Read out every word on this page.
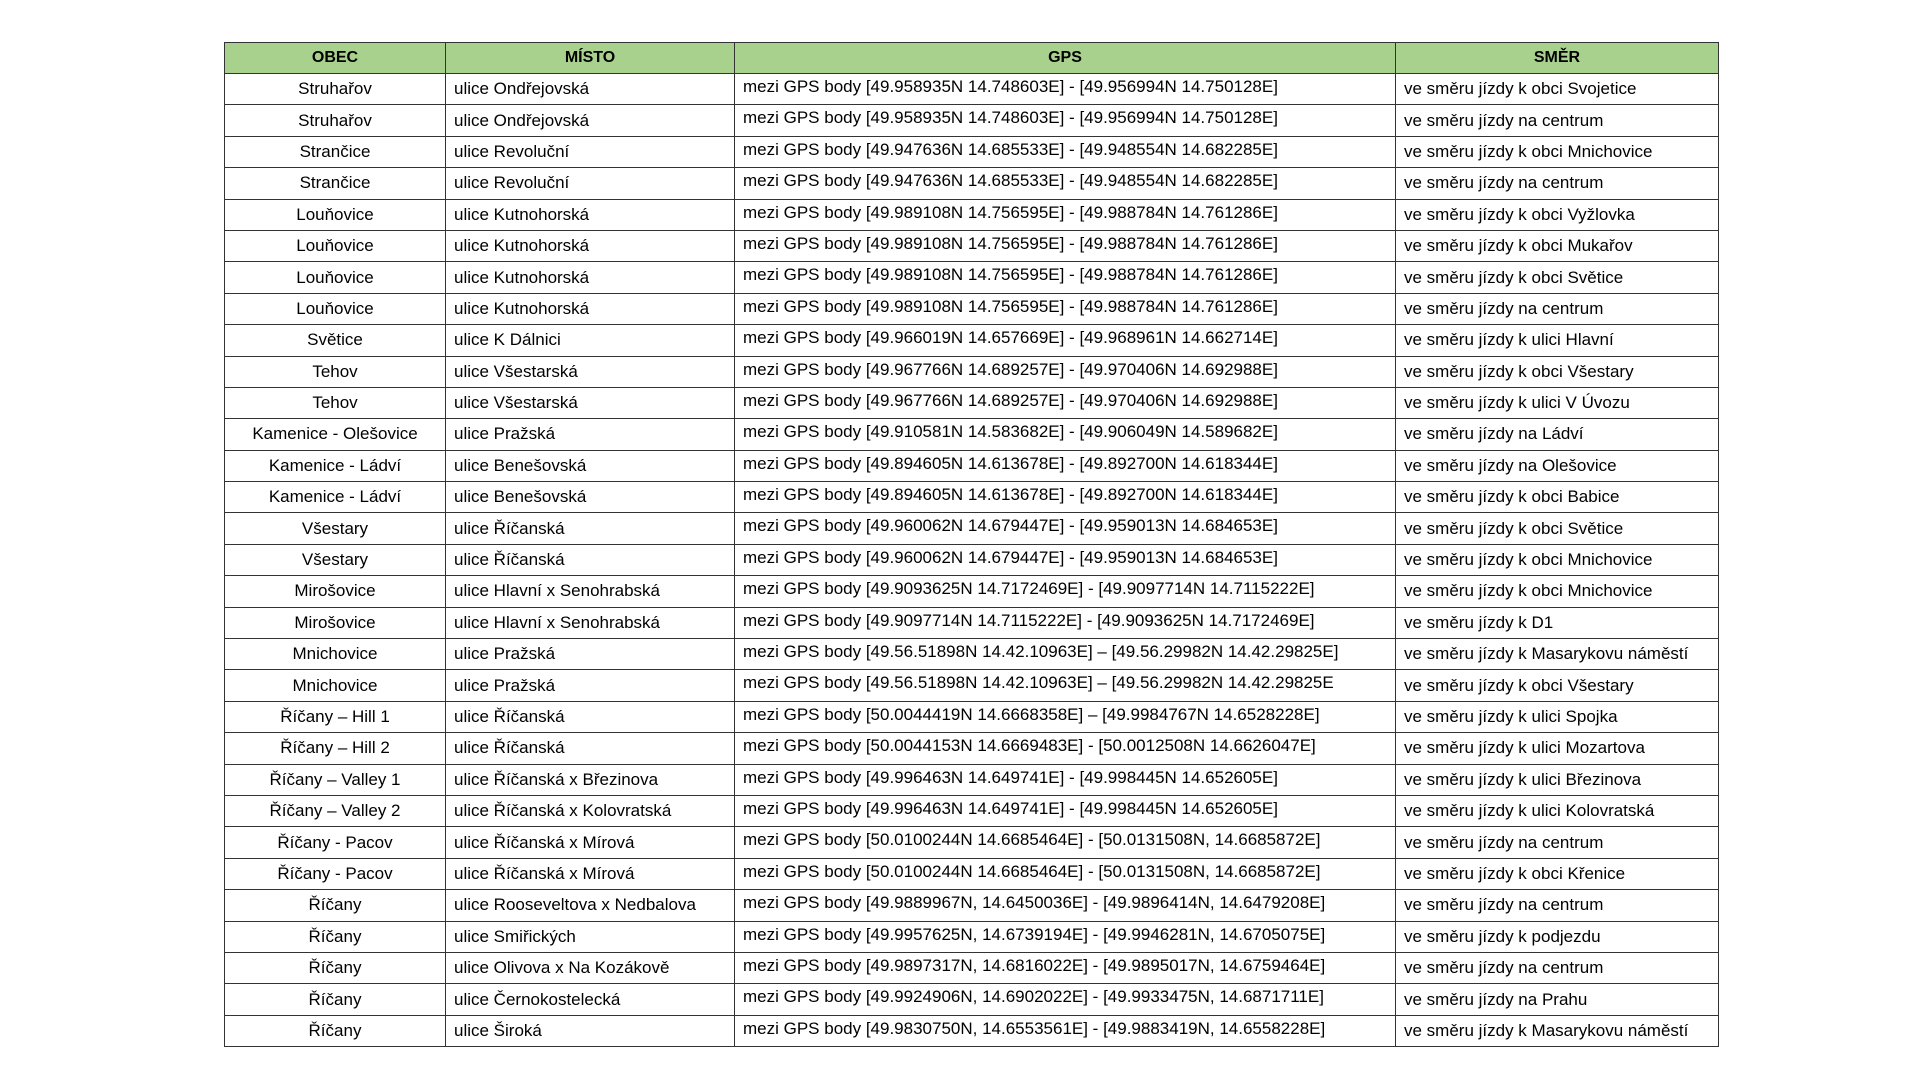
OBEC	MÍSTO	GPS	SMĚR
Struhařov	ulice Ondřejovská	mezi GPS body [49.958935N 14.748603E] - [49.956994N 14.750128E]	ve směru jízdy k obci Svojetice
Struhařov	ulice Ondřejovská	mezi GPS body [49.958935N 14.748603E] - [49.956994N 14.750128E]	ve směru jízdy na centrum
Strančice	ulice Revoluční	mezi GPS body [49.947636N 14.685533E] - [49.948554N 14.682285E]	ve směru jízdy k obci Mnichovice
Strančice	ulice Revoluční	mezi GPS body [49.947636N 14.685533E] - [49.948554N 14.682285E]	ve směru jízdy na centrum
Louňovice	ulice Kutnohorská	mezi GPS body [49.989108N 14.756595E] - [49.988784N 14.761286E]	ve směru jízdy k obci Vyžlovka
Louňovice	ulice Kutnohorská	mezi GPS body [49.989108N 14.756595E] - [49.988784N 14.761286E]	ve směru jízdy k obci Mukařov
Louňovice	ulice Kutnohorská	mezi GPS body [49.989108N 14.756595E] - [49.988784N 14.761286E]	ve směru jízdy k obci Světice
Louňovice	ulice Kutnohorská	mezi GPS body [49.989108N 14.756595E] - [49.988784N 14.761286E]	ve směru jízdy na centrum
Světice	ulice K Dálnici	mezi GPS body [49.966019N 14.657669E] - [49.968961N 14.662714E]	ve směru jízdy k ulici Hlavní
Tehov	ulice Všestarská	mezi GPS body [49.967766N 14.689257E] - [49.970406N 14.692988E]	ve směru jízdy k obci Všestary
Tehov	ulice Všestarská	mezi GPS body [49.967766N 14.689257E] - [49.970406N 14.692988E]	ve směru jízdy k ulici V Úvozu
Kamenice - Olešovice	ulice Pražská	mezi GPS body [49.910581N 14.583682E] - [49.906049N 14.589682E]	ve směru jízdy na Ládví
Kamenice - Ládví	ulice Benešovská	mezi GPS body [49.894605N 14.613678E] - [49.892700N 14.618344E]	ve směru jízdy na Olešovice
Kamenice - Ládví	ulice Benešovská	mezi GPS body [49.894605N 14.613678E] - [49.892700N 14.618344E]	ve směru jízdy k obci Babice
Všestary	ulice Říčanská	mezi GPS body [49.960062N 14.679447E] - [49.959013N 14.684653E]	ve směru jízdy k obci Světice
Všestary	ulice Říčanská	mezi GPS body [49.960062N 14.679447E] - [49.959013N 14.684653E]	ve směru jízdy k obci Mnichovice
Mirošovice	ulice Hlavní x Senohrabská	mezi GPS body [49.9093625N 14.7172469E] - [49.9097714N 14.7115222E]	ve směru jízdy k obci Mnichovice
Mirošovice	ulice Hlavní x Senohrabská	mezi GPS body [49.9097714N 14.7115222E] - [49.9093625N 14.7172469E]	ve směru jízdy k D1
Mnichovice	ulice Pražská	mezi GPS body [49.56.51898N 14.42.10963E] – [49.56.29982N 14.42.29825E]	ve směru jízdy k Masarykovu náměstí
Mnichovice	ulice Pražská	mezi GPS body [49.56.51898N 14.42.10963E] – [49.56.29982N 14.42.29825E	ve směru jízdy k obci Všestary
Říčany – Hill 1	ulice Říčanská	mezi GPS body [50.0044419N 14.6668358E] – [49.9984767N 14.6528228E]	ve směru jízdy k ulici Spojka
Říčany – Hill 2	ulice Říčanská	mezi GPS body [50.0044153N 14.6669483E] - [50.0012508N 14.6626047E]	ve směru jízdy k ulici Mozartova
Říčany – Valley 1	ulice Říčanská x Březinova	mezi GPS body [49.996463N 14.649741E] - [49.998445N 14.652605E]	ve směru jízdy k ulici Březinova
Říčany – Valley 2	ulice Říčanská x Kolovratská	mezi GPS body [49.996463N 14.649741E] - [49.998445N 14.652605E]	ve směru jízdy k ulici Kolovratská
Říčany - Pacov	ulice Říčanská x Mírová	mezi GPS body [50.0100244N 14.6685464E] - [50.0131508N, 14.6685872E]	ve směru jízdy na centrum
Říčany - Pacov	ulice Říčanská x Mírová	mezi GPS body [50.0100244N 14.6685464E] - [50.0131508N, 14.6685872E]	ve směru jízdy k obci Křenice
Říčany	ulice Rooseveltova x Nedbalova	mezi GPS body [49.9889967N, 14.6450036E] - [49.9896414N, 14.6479208E]	ve směru jízdy na centrum
Říčany	ulice Smiřických	mezi GPS body [49.9957625N, 14.6739194E] - [49.9946281N, 14.6705075E]	ve směru jízdy k podjezdu
Říčany	ulice Olivova x Na Kozákově	mezi GPS body [49.9897317N, 14.6816022E] - [49.9895017N, 14.6759464E]	ve směru jízdy na centrum
Říčany	ulice Černokostelecká	mezi GPS body [49.9924906N, 14.6902022E] - [49.9933475N, 14.6871711E]	ve směru jízdy na Prahu
Říčany	ulice Široká	mezi GPS body [49.9830750N, 14.6553561E] - [49.9883419N, 14.6558228E]	ve směru jízdy k Masarykovu náměstí
